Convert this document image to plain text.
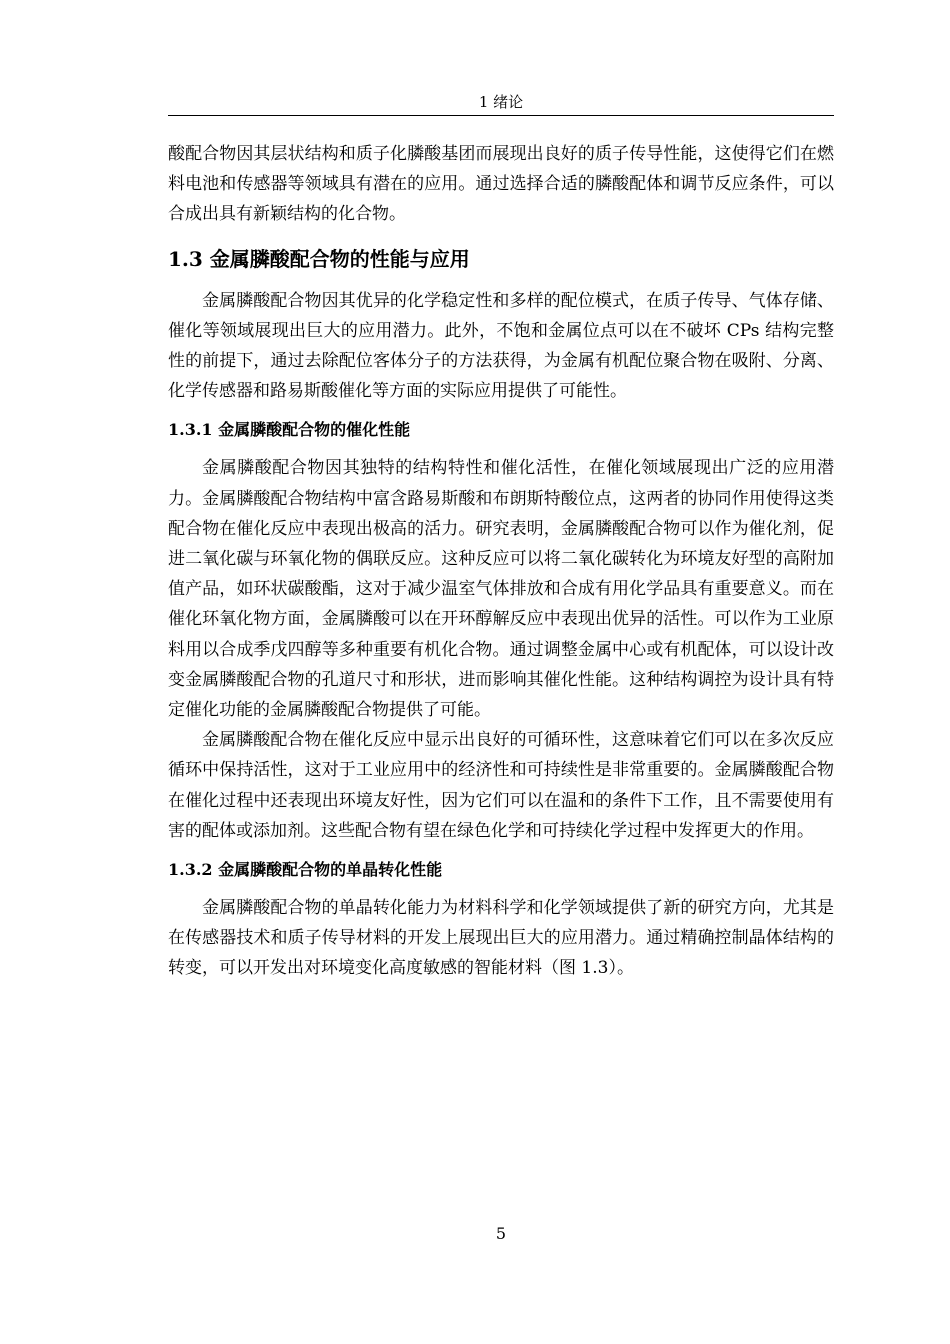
1 绪论

酸配合物因其层状结构和质子化膦酸基团而展现出良好的质子传导性能，这使得它们在燃料电池和传感器等领域具有潜在的应用。通过选择合适的膦酸配体和调节反应条件，可以合成出具有新颖结构的化合物。

1.3 金属膦酸配合物的性能与应用

金属膦酸配合物因其优异的化学稳定性和多样的配位模式，在质子传导、气体存储、催化等领域展现出巨大的应用潜力。此外，不饱和金属位点可以在不破坏 CPs 结构完整性的前提下，通过去除配位客体分子的方法获得，为金属有机配位聚合物在吸附、分离、化学传感器和路易斯酸催化等方面的实际应用提供了可能性。

1.3.1 金属膦酸配合物的催化性能

金属膦酸配合物因其独特的结构特性和催化活性，在催化领域展现出广泛的应用潜力。金属膦酸配合物结构中富含路易斯酸和布朗斯特酸位点，这两者的协同作用使得这类配合物在催化反应中表现出极高的活力。研究表明，金属膦酸配合物可以作为催化剂，促进二氧化碳与环氧化物的偶联反应。这种反应可以将二氧化碳转化为环境友好型的高附加值产品，如环状碳酸酯，这对于减少温室气体排放和合成有用化学品具有重要意义。而在催化环氧化物方面，金属膦酸可以在开环醇解反应中表现出优异的活性。可以作为工业原料用以合成季戊四醇等多种重要有机化合物。通过调整金属中心或有机配体，可以设计改变金属膦酸配合物的孔道尺寸和形状，进而影响其催化性能。这种结构调控为设计具有特定催化功能的金属膦酸配合物提供了可能。

金属膦酸配合物在催化反应中显示出良好的可循环性，这意味着它们可以在多次反应循环中保持活性，这对于工业应用中的经济性和可持续性是非常重要的。金属膦酸配合物在催化过程中还表现出环境友好性，因为它们可以在温和的条件下工作，且不需要使用有害的配体或添加剂。这些配合物有望在绿色化学和可持续化学过程中发挥更大的作用。

1.3.2 金属膦酸配合物的单晶转化性能

金属膦酸配合物的单晶转化能力为材料科学和化学领域提供了新的研究方向，尤其是在传感器技术和质子传导材料的开发上展现出巨大的应用潜力。通过精确控制晶体结构的转变，可以开发出对环境变化高度敏感的智能材料（图 1.3）。

5
